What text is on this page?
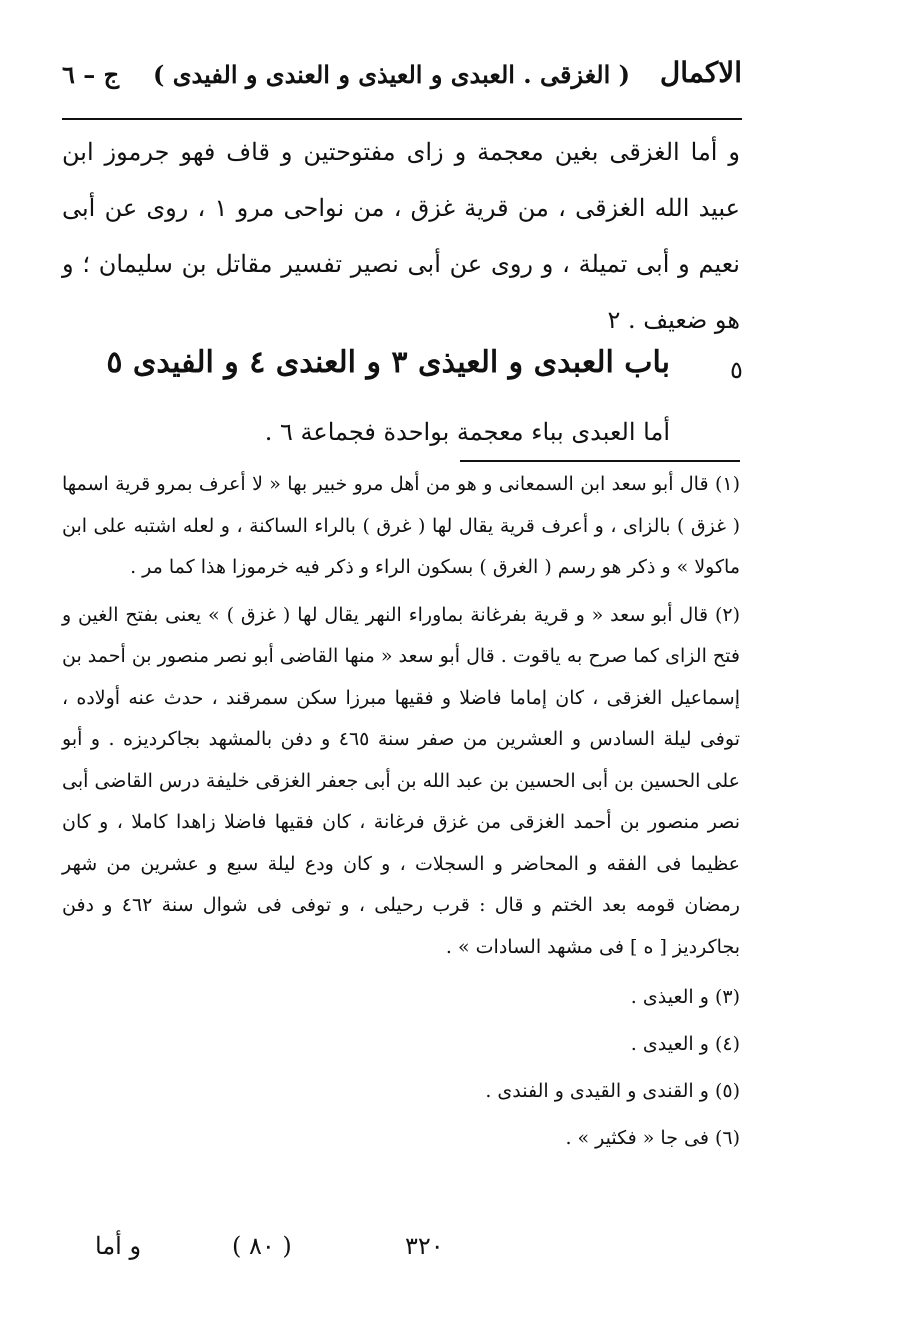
الاكمال
( الغزقى . العبدى و العيذى و العندى و الفيدى )
ج – ٦

و أما الغزقى بغين معجمة و زاى مفتوحتين و قاف فهو جرموز ابن عبيد الله الغزقى ، من قرية غزق ، من نواحى مرو ١ ، روى عن أبى نعيم و أبى تميلة ، و روى عن أبى نصير تفسير مقاتل بن سليمان ؛ و هو ضعيف . ٢

٥
باب العبدى و العيذى ٣ و العندى ٤ و الفيدى ٥
أما العبدى بباء معجمة بواحدة فجماعة ٦ .

(١) قال أبو سعد ابن السمعانى و هو من أهل مرو خبير بها « لا أعرف بمرو قرية اسمها ( غزق ) بالزاى ، و أعرف قرية يقال لها ( غرق ) بالراء الساكنة ، و لعله اشتبه على ابن ماكولا » و ذكر هو رسم ( الغرق ) بسكون الراء و ذكر فيه خرموزا هذا كما مر .

(٢) قال أبو سعد « و قرية بفرغانة بماوراء النهر يقال لها ( غزق ) » يعنى بفتح الغين و فتح الزاى كما صرح به ياقوت . قال أبو سعد « منها القاضى أبو نصر منصور بن أحمد بن إسماعيل الغزقى ، كان إماما فاضلا و فقيها مبرزا سكن سمرقند ، حدث عنه أولاده ، توفى ليلة السادس و العشرين من صفر سنة ٤٦٥ و دفن بالمشهد بجاكرديزه . و أبو على الحسين بن أبى الحسين بن عبد الله بن أبى جعفر الغزقى خليفة درس القاضى أبى نصر منصور بن أحمد الغزقى من غزق فرغانة ، كان فقيها فاضلا زاهدا كاملا ، و كان عظيما فى الفقه و المحاضر و السجلات ، و كان ودع ليلة سبع و عشرين من شهر رمضان قومه بعد الختم و قال : قرب رحيلى ، و توفى فى شوال سنة ٤٦٢ و دفن بجاكرديز [ ه ] فى مشهد السادات » .

(٣) و العيذى .

(٤) و العيدى .

(٥) و القندى و القيدى و الفندى .

(٦) فى جا « فكثير » .

و أما	( ٨٠ )	٣٢٠
